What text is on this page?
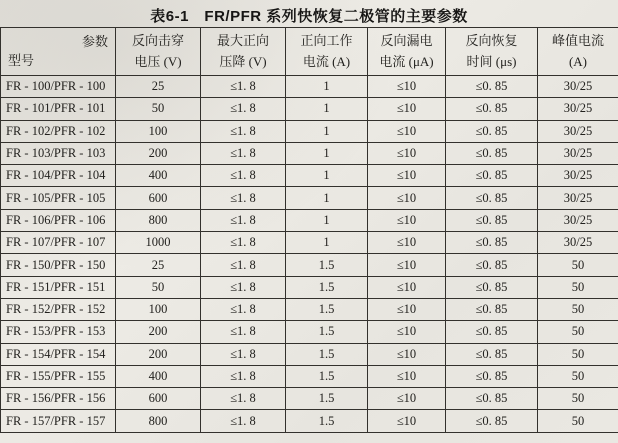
表6-1　FR/PFR 系列快恢复二极管的主要参数
参数
型号	反向击穿
电压 (V)	最大正向
压降 (V)	正向工作
电流 (A)	反向漏电
电流 (μA)	反向恢复
时间 (μs)	峰值电流
(A)

FR - 100/PFR - 100	25	≤1. 8	1	≤10	≤0. 85	30/25
FR - 101/PFR - 101	50	≤1. 8	1	≤10	≤0. 85	30/25
FR - 102/PFR - 102	100	≤1. 8	1	≤10	≤0. 85	30/25
FR - 103/PFR - 103	200	≤1. 8	1	≤10	≤0. 85	30/25
FR - 104/PFR - 104	400	≤1. 8	1	≤10	≤0. 85	30/25
FR - 105/PFR - 105	600	≤1. 8	1	≤10	≤0. 85	30/25
FR - 106/PFR - 106	800	≤1. 8	1	≤10	≤0. 85	30/25
FR - 107/PFR - 107	1000	≤1. 8	1	≤10	≤0. 85	30/25
FR - 150/PFR - 150	25	≤1. 8	1.5	≤10	≤0. 85	50
FR - 151/PFR - 151	50	≤1. 8	1.5	≤10	≤0. 85	50
FR - 152/PFR - 152	100	≤1. 8	1.5	≤10	≤0. 85	50
FR - 153/PFR - 153	200	≤1. 8	1.5	≤10	≤0. 85	50
FR - 154/PFR - 154	200	≤1. 8	1.5	≤10	≤0. 85	50
FR - 155/PFR - 155	400	≤1. 8	1.5	≤10	≤0. 85	50
FR - 156/PFR - 156	600	≤1. 8	1.5	≤10	≤0. 85	50
FR - 157/PFR - 157	800	≤1. 8	1.5	≤10	≤0. 85	50
